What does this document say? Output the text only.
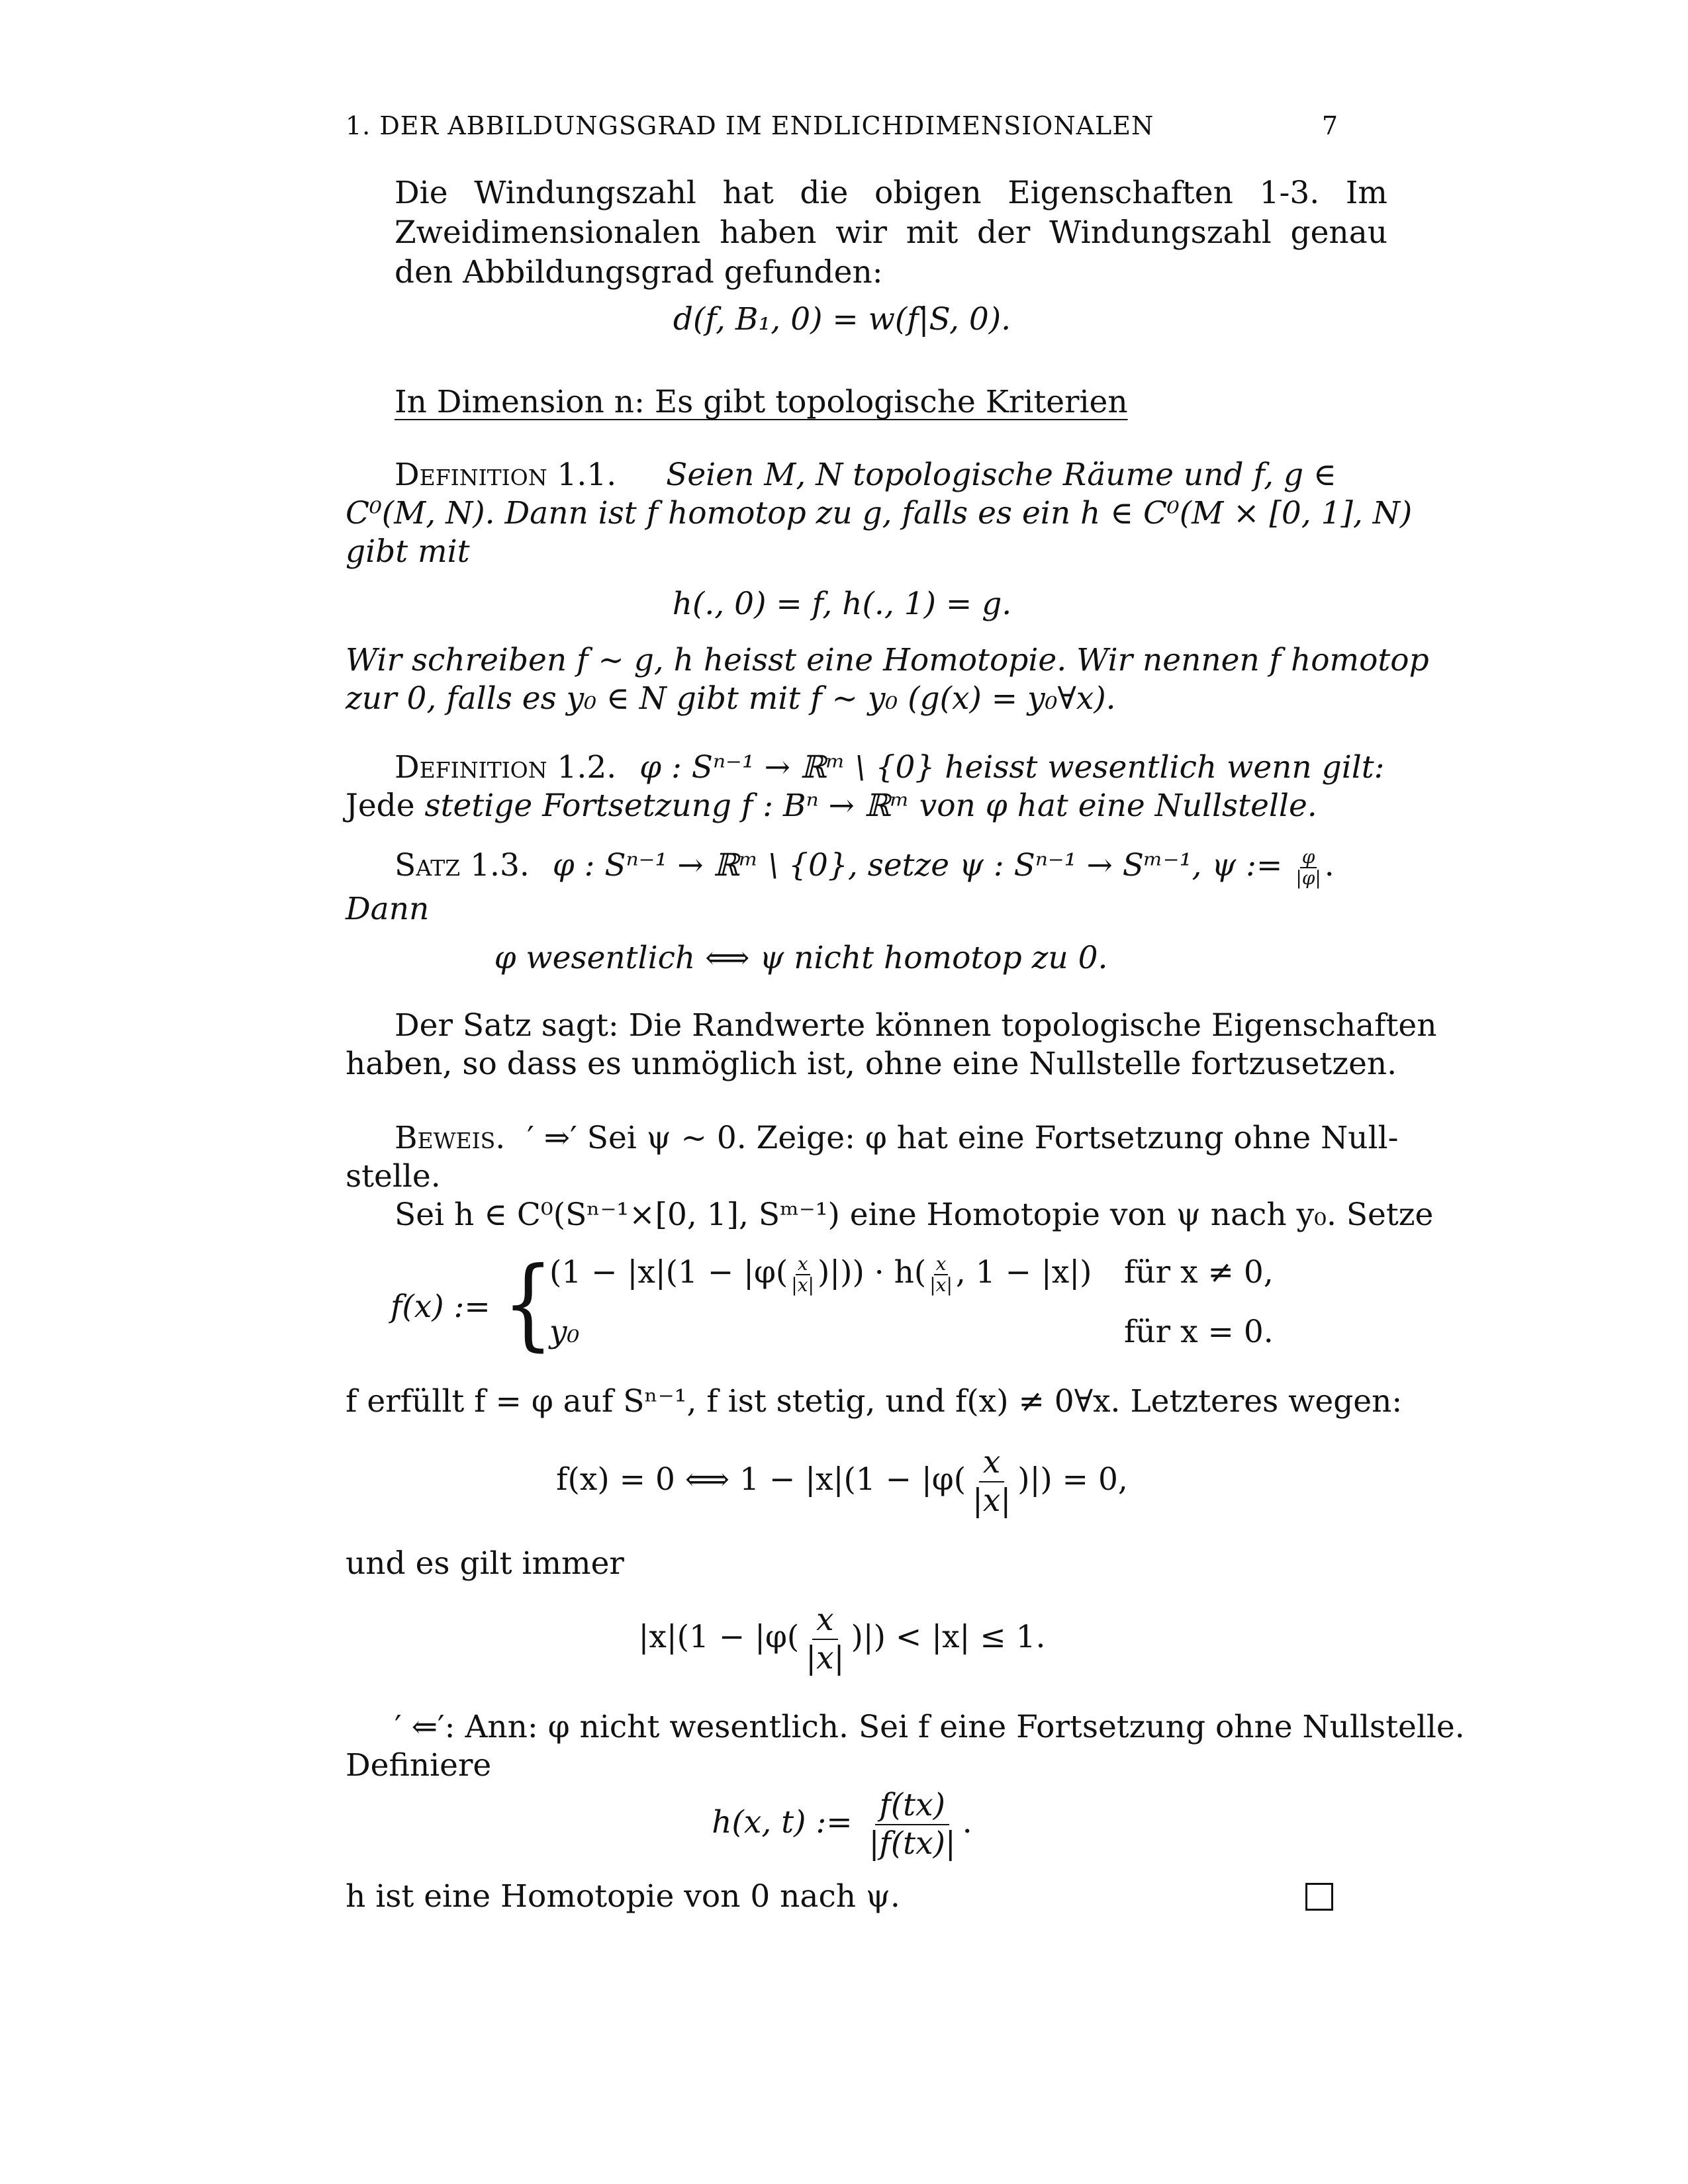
1. DER ABBILDUNGSGRAD IM ENDLICHDIMENSIONALEN	7
Die Windungszahl hat die obigen Eigenschaften 1-3. Im Zweidimensionalen haben wir mit der Windungszahl genau den Abbildungsgrad gefunden:
d(f, B₁, 0) = w(f|S, 0).
In Dimension n: Es gibt topologische Kriterien
Definition 1.1. Seien M, N topologische Räume und f, g ∈
C⁰(M, N). Dann ist f homotop zu g, falls es ein h ∈ C⁰(M × [0, 1], N)
gibt mit
h(., 0) = f, h(., 1) = g.
Wir schreiben f ∼ g, h heisst eine Homotopie. Wir nennen f homotop
zur 0, falls es y₀ ∈ N gibt mit f ∼ y₀ (g(x) = y₀∀x).
Definition 1.2. φ : Sⁿ⁻¹ → ℝᵐ \ {0} heisst wesentlich wenn gilt:
Jede stetige Fortsetzung f : Bⁿ → ℝᵐ von φ hat eine Nullstelle.
Satz 1.3. φ : Sⁿ⁻¹ → ℝᵐ \ {0}, setze ψ : Sⁿ⁻¹ → Sᵐ⁻¹, ψ := $\frac{\varphi}{|\varphi|}$ .
Dann
φ wesentlich ⟺ ψ nicht homotop zu 0.
Der Satz sagt: Die Randwerte können topologische Eigenschaften
haben, so dass es unmöglich ist, ohne eine Nullstelle fortzusetzen.
Beweis. ′ ⇒′ Sei ψ ∼ 0. Zeige: φ hat eine Fortsetzung ohne Null-
stelle.
Sei h ∈ C⁰(Sⁿ⁻¹×[0, 1], Sᵐ⁻¹) eine Homotopie von ψ nach y₀. Setze
f(x) := {
($1 - |x|(1 - |\varphi( \frac{x}{|x|}$ )|)) · $h( \frac{x}{|x|}$ , 1 − |x|)
y₀
für x ≠ 0,
für x = 0.
f erfüllt f = φ auf Sⁿ⁻¹, f ist stetig, und f(x) ≠ 0∀x. Letzteres wegen:
f(x) = 0 ⟺ $1 - |x|(1 - |\varphi( \frac{x}{|x|}$ )|) = 0,
und es gilt immer
$|x|(1 - |\varphi( \frac{x}{|x|}$ )|) < |x| ≤ 1.
′ ⇐′: Ann: φ nicht wesentlich. Sei f eine Fortsetzung ohne Nullstelle.
Definiere
h(x, t) := $\frac{f(tx)}{|f(tx)|}$ .
h ist eine Homotopie von 0 nach ψ.
